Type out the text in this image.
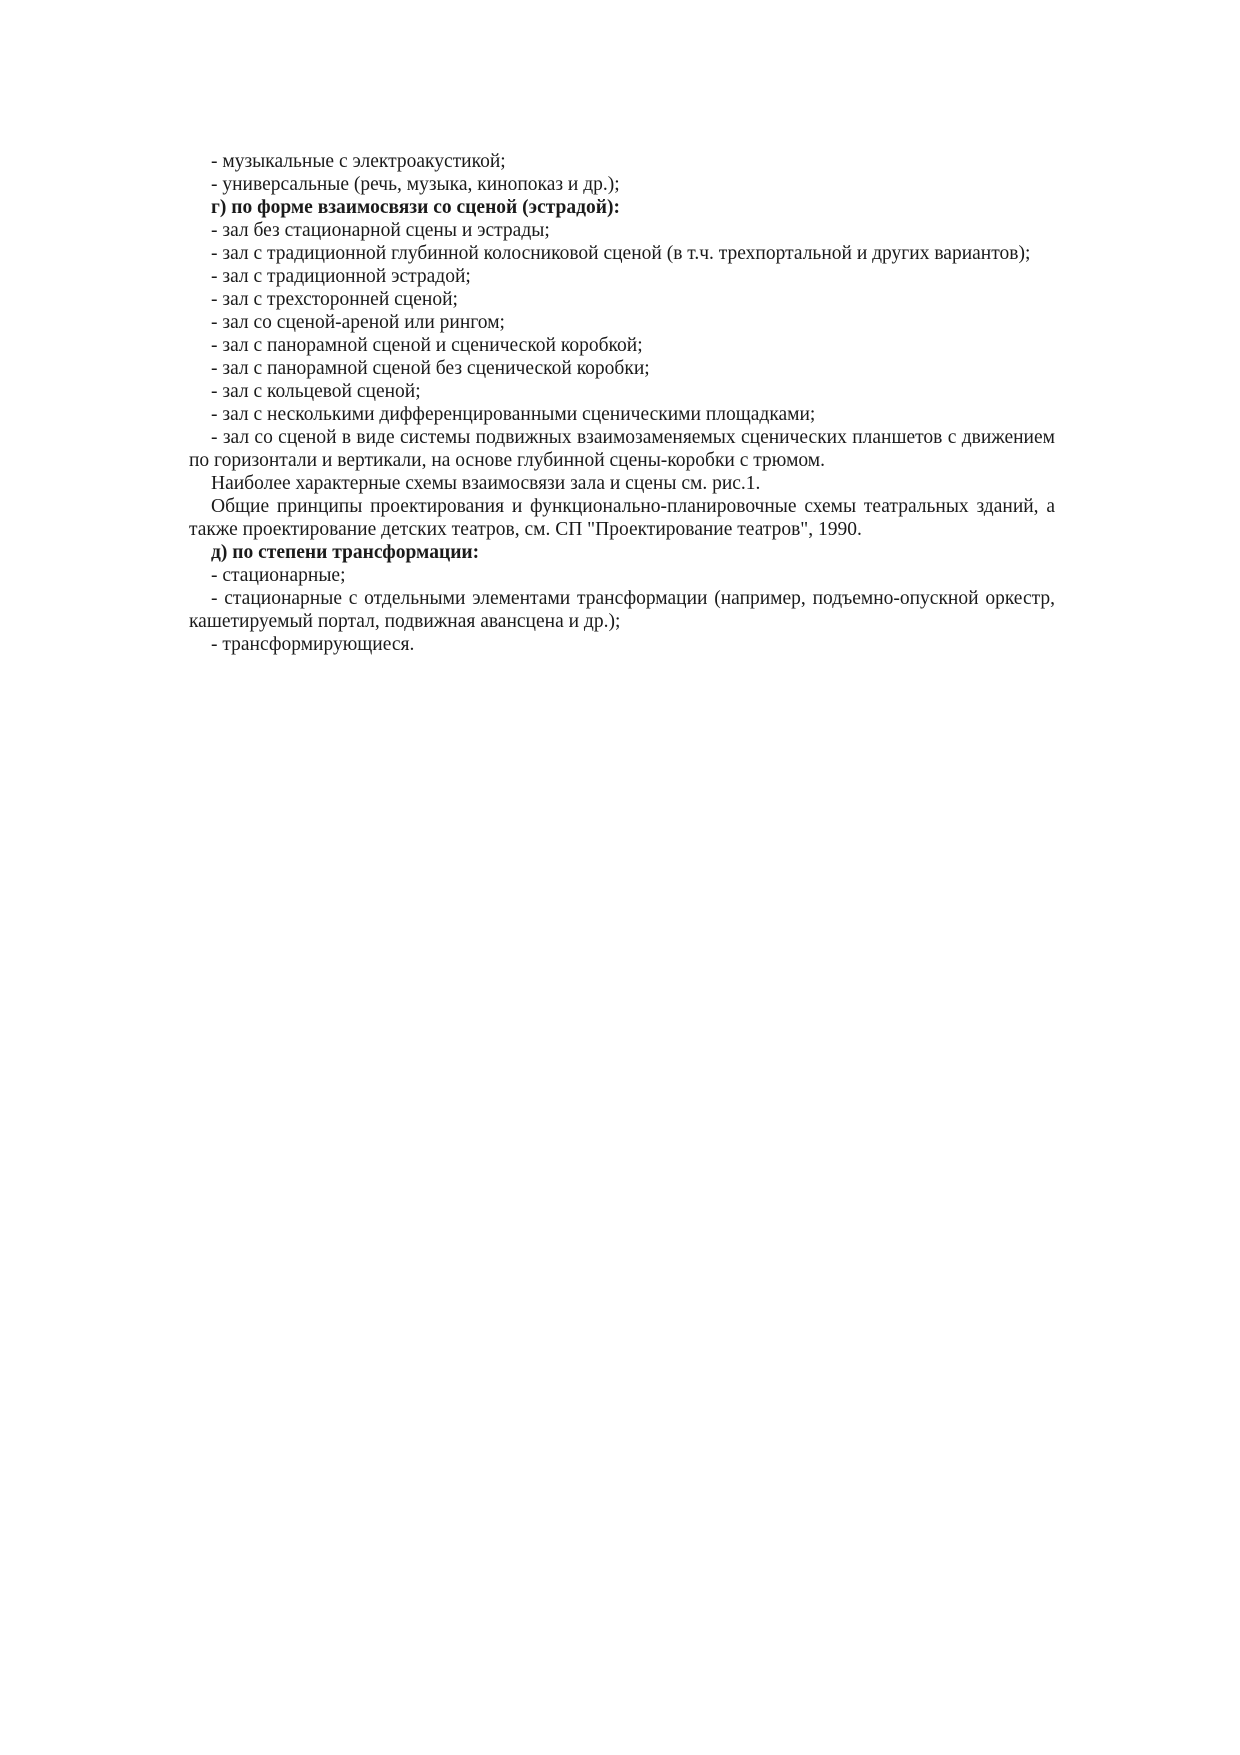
- музыкальные с электроакустикой;

- универсальные (речь, музыка, кинопоказ и др.);

г) по форме взаимосвязи со сценой (эстрадой):

- зал без стационарной сцены и эстрады;

- зал с традиционной глубинной колосниковой сценой (в т.ч. трехпортальной и других вариантов);

- зал с традиционной эстрадой;

- зал с трехсторонней сценой;

- зал со сценой-ареной или рингом;

- зал с панорамной сценой и сценической коробкой;

- зал с панорамной сценой без сценической коробки;

- зал с кольцевой сценой;

- зал с несколькими дифференцированными сценическими площадками;

- зал со сценой в виде системы подвижных взаимозаменяемых сценических планшетов с движением по горизонтали и вертикали, на основе глубинной сцены-коробки с трюмом.

Наиболее характерные схемы взаимосвязи зала и сцены см. рис.1.

Общие принципы проектирования и функционально-планировочные схемы театральных зданий, а также проектирование детских театров, см. СП "Проектирование театров", 1990.

д) по степени трансформации:

- стационарные;

- стационарные с отдельными элементами трансформации (например, подъемно-опускной оркестр, кашетируемый портал, подвижная авансцена и др.);

- трансформирующиеся.
